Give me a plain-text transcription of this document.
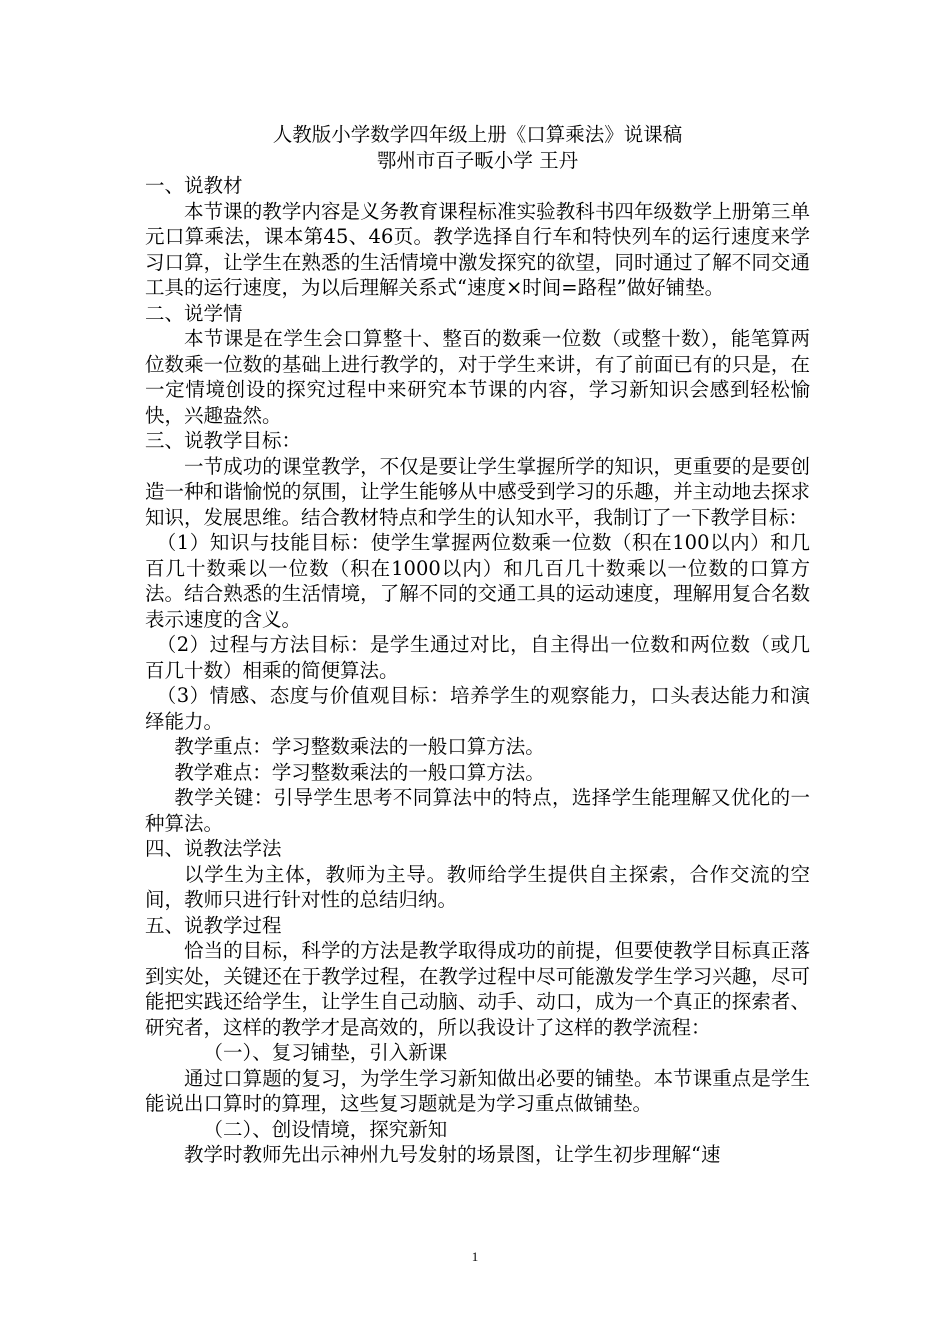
人教版小学数学四年级上册《口算乘法》说课稿

鄂州市百子畈小学 王丹

一、说教材

本节课的教学内容是义务教育课程标准实验教科书四年级数学上册第三单元口算乘法，课本第45、46页。教学选择自行车和特快列车的运行速度来学习口算，让学生在熟悉的生活情境中激发探究的欲望，同时通过了解不同交通工具的运行速度，为以后理解关系式“速度×时间=路程”做好铺垫。

二、说学情

本节课是在学生会口算整十、整百的数乘一位数（或整十数），能笔算两位数乘一位数的基础上进行教学的，对于学生来讲，有了前面已有的只是，在一定情境创设的探究过程中来研究本节课的内容，学习新知识会感到轻松愉快，兴趣盎然。

三、说教学目标：

一节成功的课堂教学，不仅是要让学生掌握所学的知识，更重要的是要创造一种和谐愉悦的氛围，让学生能够从中感受到学习的乐趣，并主动地去探求知识，发展思维。结合教材特点和学生的认知水平，我制订了一下教学目标：

（1）知识与技能目标：使学生掌握两位数乘一位数（积在100以内）和几百几十数乘以一位数（积在1000以内）和几百几十数乘以一位数的口算方法。结合熟悉的生活情境，了解不同的交通工具的运动速度，理解用复合名数表示速度的含义。

（2）过程与方法目标：是学生通过对比，自主得出一位数和两位数（或几百几十数）相乘的简便算法。

（3）情感、态度与价值观目标：培养学生的观察能力，口头表达能力和演绎能力。

教学重点：学习整数乘法的一般口算方法。

教学难点：学习整数乘法的一般口算方法。

教学关键：引导学生思考不同算法中的特点，选择学生能理解又优化的一种算法。

四、说教法学法

以学生为主体，教师为主导。教师给学生提供自主探索，合作交流的空间，教师只进行针对性的总结归纳。

五、说教学过程

恰当的目标，科学的方法是教学取得成功的前提，但要使教学目标真正落到实处，关键还在于教学过程，在教学过程中尽可能激发学生学习兴趣，尽可能把实践还给学生，让学生自己动脑、动手、动口，成为一个真正的探索者、研究者，这样的教学才是高效的，所以我设计了这样的教学流程：

（一）、复习铺垫，引入新课

通过口算题的复习，为学生学习新知做出必要的铺垫。本节课重点是学生能说出口算时的算理，这些复习题就是为学习重点做铺垫。

（二）、创设情境，探究新知

教学时教师先出示神州九号发射的场景图，让学生初步理解“速

1
